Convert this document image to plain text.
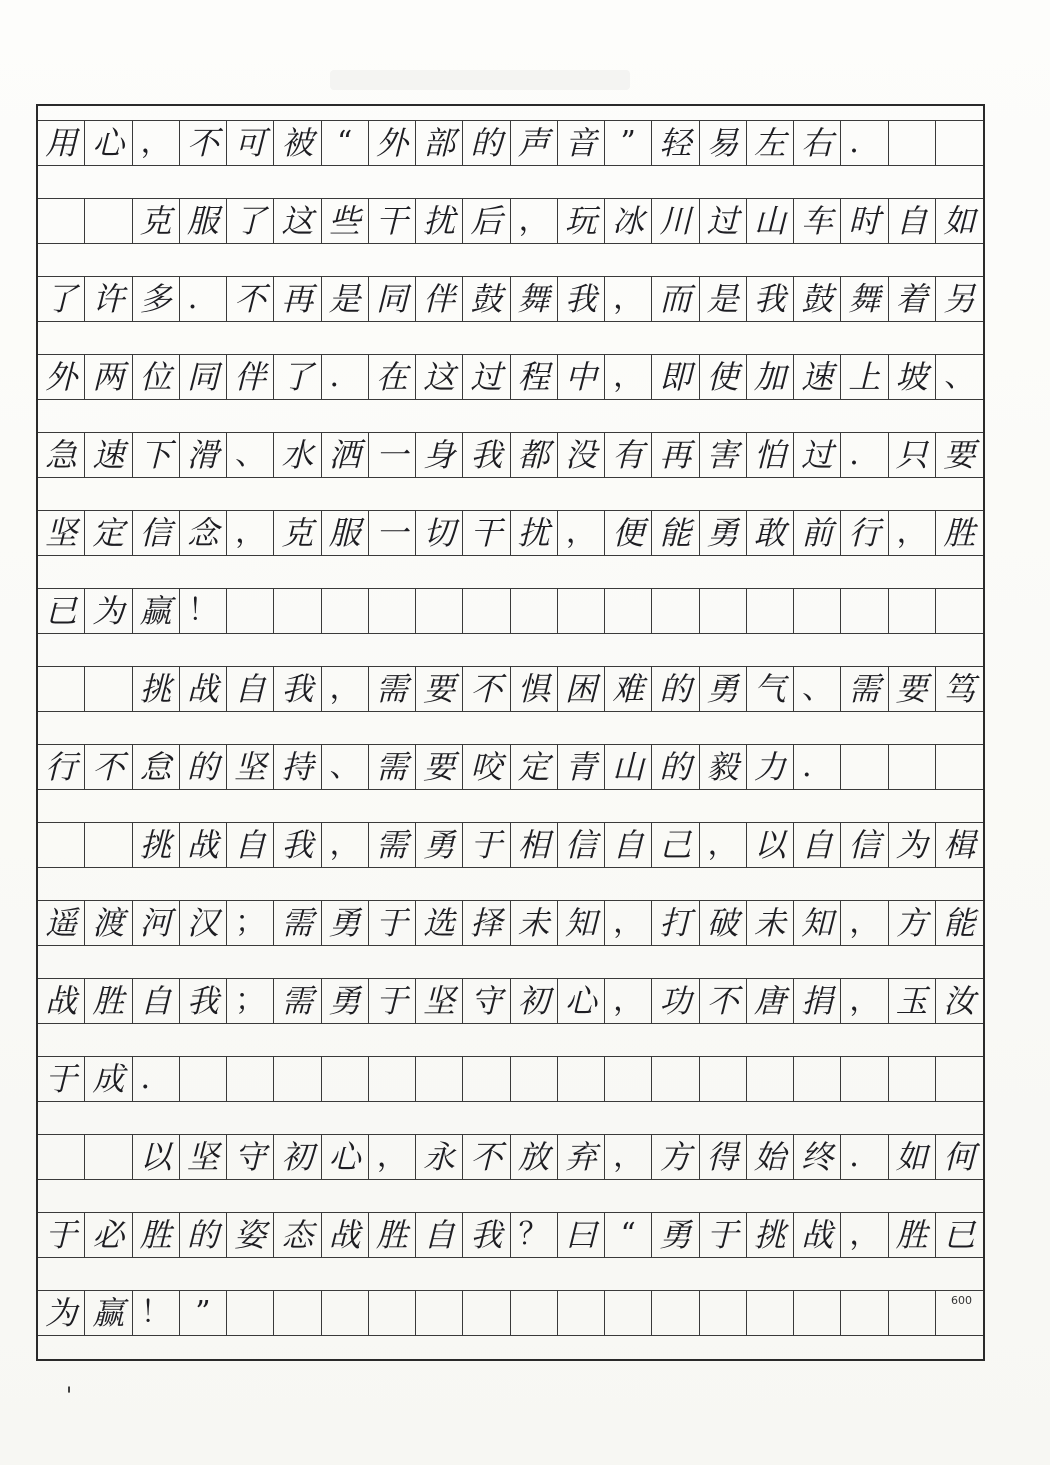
用 心 ， 不 可 被 “ 外 部 的 声 音 ” 轻 易 左 右 ．
克 服 了 这 些 干 扰 后 ， 玩 冰 川 过 山 车 时 自 如
了 许 多 ． 不 再 是 同 伴 鼓 舞 我 ， 而 是 我 鼓 舞 着 另
外 两 位 同 伴 了 ． 在 这 过 程 中 ， 即 使 加 速 上 坡 、
急 速 下 滑 、 水 洒 一 身 我 都 没 有 再 害 怕 过 ． 只 要
坚 定 信 念 ， 克 服 一 切 干 扰 ， 便 能 勇 敢 前 行 ， 胜
已 为 赢 ！
挑 战 自 我 ， 需 要 不 惧 困 难 的 勇 气 、 需 要 笃
行 不 怠 的 坚 持 、 需 要 咬 定 青 山 的 毅 力 ．
挑 战 自 我 ， 需 勇 于 相 信 自 己 ， 以 自 信 为 楫
遥 渡 河 汉 ； 需 勇 于 选 择 未 知 ， 打 破 未 知 ， 方 能
战 胜 自 我 ； 需 勇 于 坚 守 初 心 ， 功 不 唐 捐 ， 玉 汝
于 成 ．
以 坚 守 初 心 ， 永 不 放 弃 ， 方 得 始 终 ． 如 何
于 必 胜 的 姿 态 战 胜 自 我 ？ 曰 “ 勇 于 挑 战 ， 胜 已
为 赢 ！ ”	600
'
